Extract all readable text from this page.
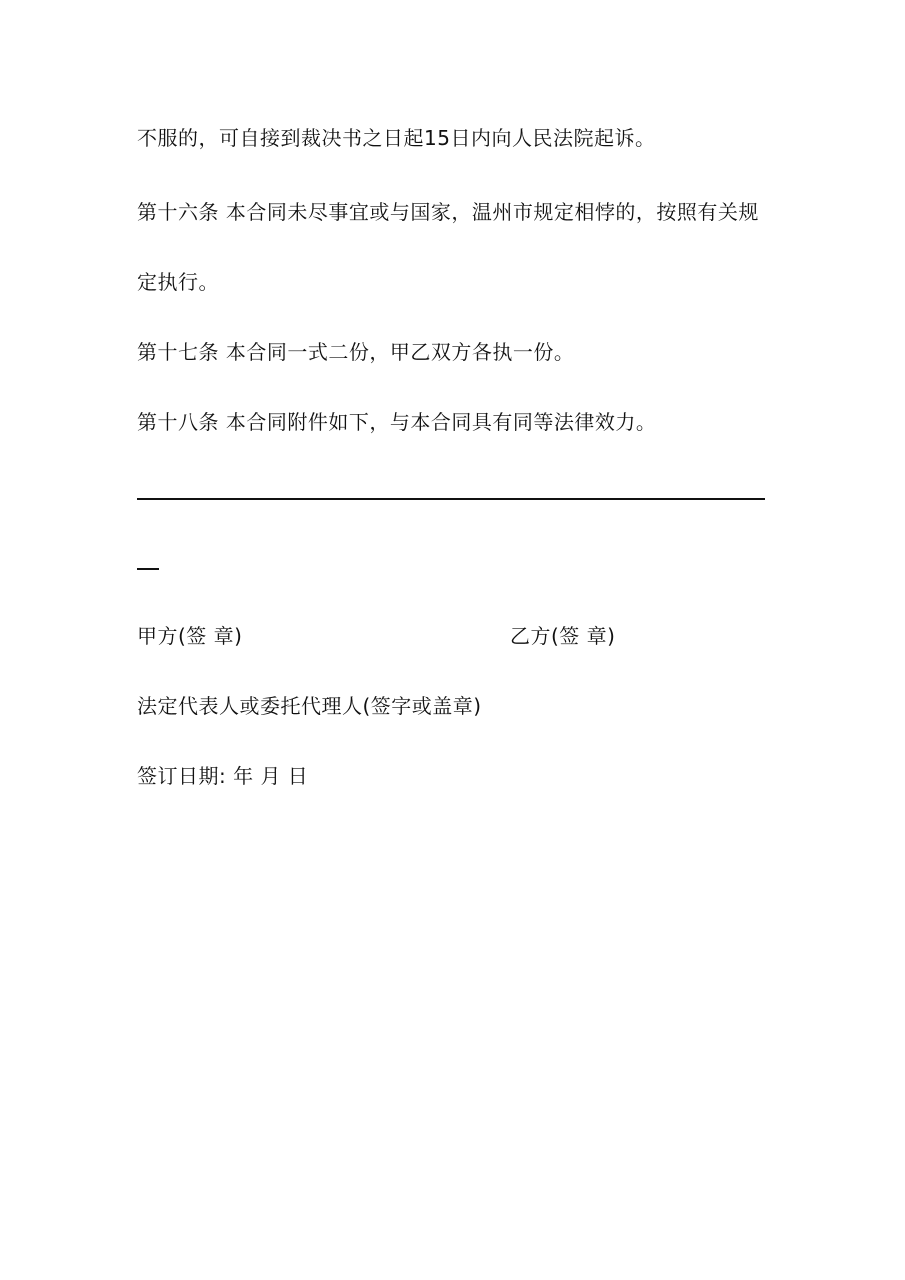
不服的，可自接到裁决书之日起15日内向人民法院起诉。
第十六条 本合同未尽事宜或与国家，温州市规定相悖的，按照有关规
定执行。
第十七条 本合同一式二份，甲乙双方各执一份。
第十八条 本合同附件如下，与本合同具有同等法律效力。
甲方(签 章)	乙方(签 章)
法定代表人或委托代理人(签字或盖章)
签订日期: 年 月 日
